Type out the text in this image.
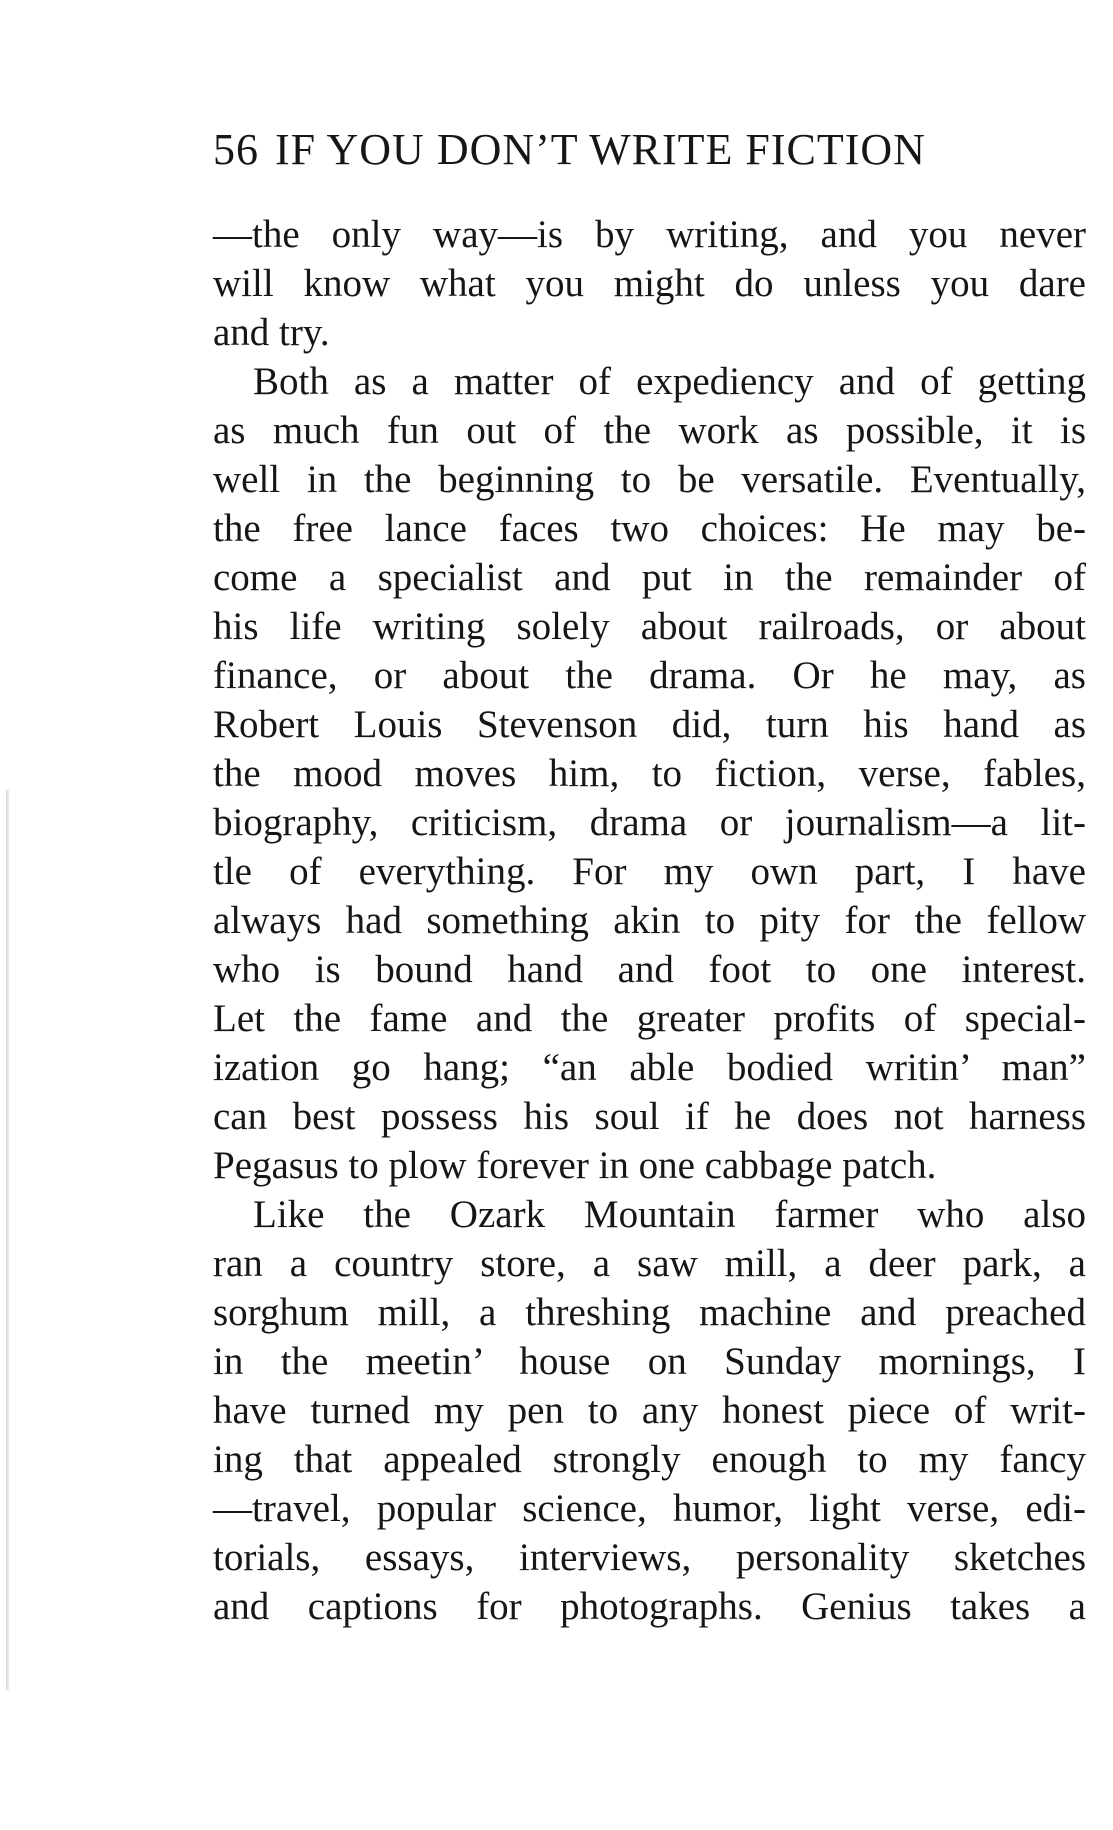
56 IF YOU DON’T WRITE FICTION
—the only way—is by writing, and you never
will know what you might do unless you dare
and try.
Both as a matter of expediency and of getting
as much fun out of the work as possible, it is
well in the beginning to be versatile. Eventually,
the free lance faces two choices: He may be-
come a specialist and put in the remainder of
his life writing solely about railroads, or about
finance, or about the drama. Or he may, as
Robert Louis Stevenson did, turn his hand as
the mood moves him, to fiction, verse, fables,
biography, criticism, drama or journalism—a lit-
tle of everything. For my own part, I have
always had something akin to pity for the fellow
who is bound hand and foot to one interest.
Let the fame and the greater profits of special-
ization go hang; “an able bodied writin’ man”
can best possess his soul if he does not harness
Pegasus to plow forever in one cabbage patch.
Like the Ozark Mountain farmer who also
ran a country store, a saw mill, a deer park, a
sorghum mill, a threshing machine and preached
in the meetin’ house on Sunday mornings, I
have turned my pen to any honest piece of writ-
ing that appealed strongly enough to my fancy
—travel, popular science, humor, light verse, edi-
torials, essays, interviews, personality sketches
and captions for photographs. Genius takes a
